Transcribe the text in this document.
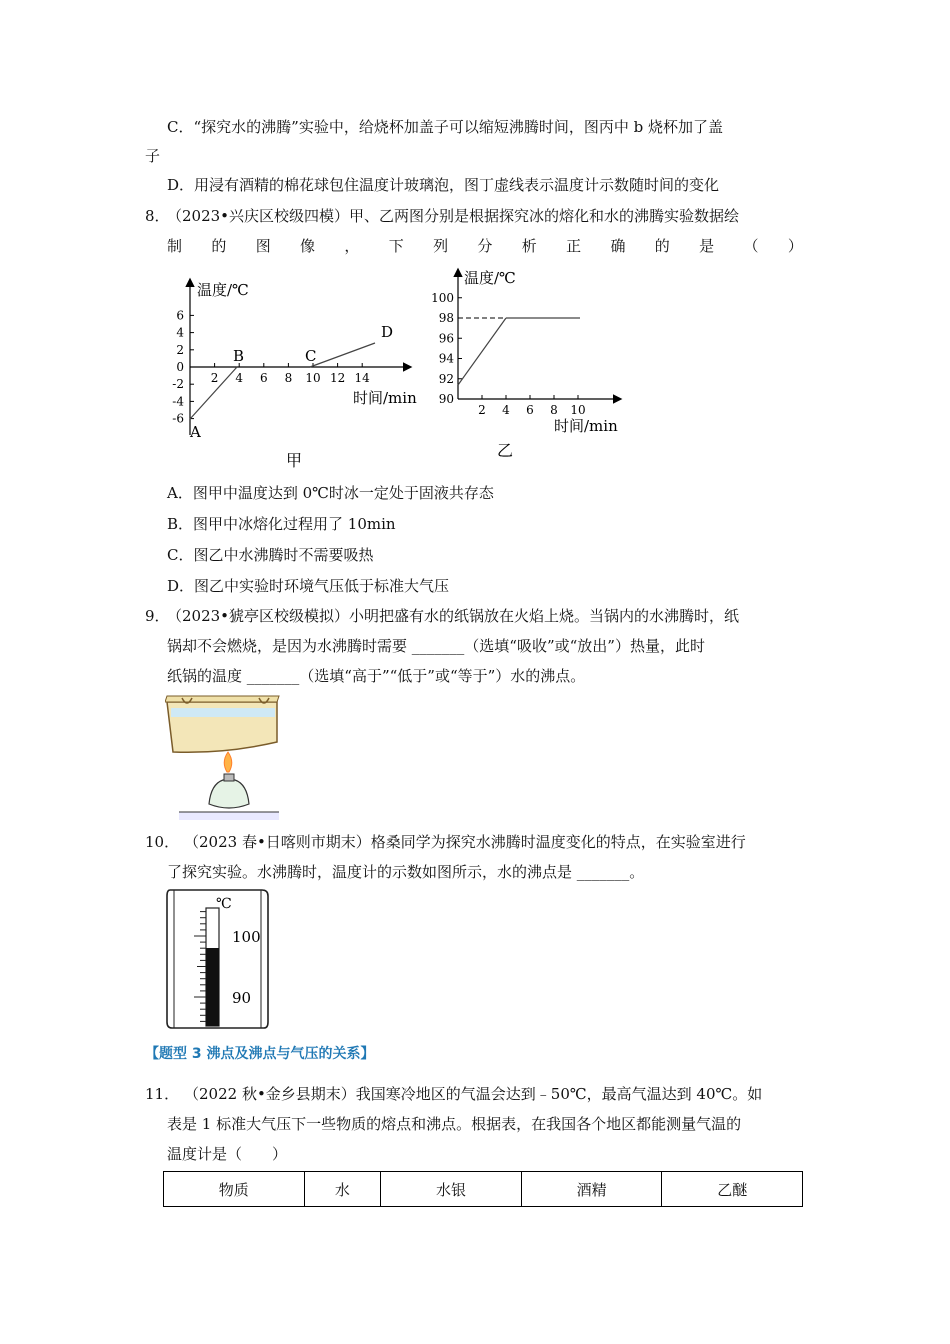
C．“探究水的沸腾”实验中，给烧杯加盖子可以缩短沸腾时间，图丙中 b 烧杯加了盖
子
D．用浸有酒精的棉花球包住温度计玻璃泡，图丁虚线表示温度计示数随时间的变化
8．
（2023•兴庆区校级四模）甲、乙两图分别是根据探究冰的熔化和水的沸腾实验数据绘
制 的 图 像 ， 下 列 分 析 正 确 的 是 （ ）
6
4
2
0
-2
-4
-6
2 4 6 8 10 12 14
温度/℃
时间/min
A
B	C
D
甲
100
98
96
94
92
90
2 4 6 8 10
温度/℃
时间/min
乙
A．图甲中温度达到 0℃时冰一定处于固液共存态
B．图甲中冰熔化过程用了 10min
C．图乙中水沸腾时不需要吸热
D．图乙中实验时环境气压低于标准大气压
9．
（2023•猇亭区校级模拟）小明把盛有水的纸锅放在火焰上烧。当锅内的水沸腾时，纸
锅却不会燃烧，是因为水沸腾时需要 _______（选填“吸收”或“放出”）热量，此时
纸锅的温度 _______（选填“高于”“低于”或“等于”）水的沸点。
10． （2023 春•日喀则市期末）格桑同学为探究水沸腾时温度变化的特点，在实验室进行
了探究实验。水沸腾时，温度计的示数如图所示，水的沸点是 _______。
℃
100
90
【题型 3 沸点及沸点与气压的关系】
11． （2022 秋•金乡县期末）我国寒冷地区的气温会达到﹣50℃，最高气温达到 40℃。如
表是 1 标准大气压下一些物质的熔点和沸点。根据表，在我国各个地区都能测量气温的
温度计是（　　）
物质	水	水银	酒精	乙醚
